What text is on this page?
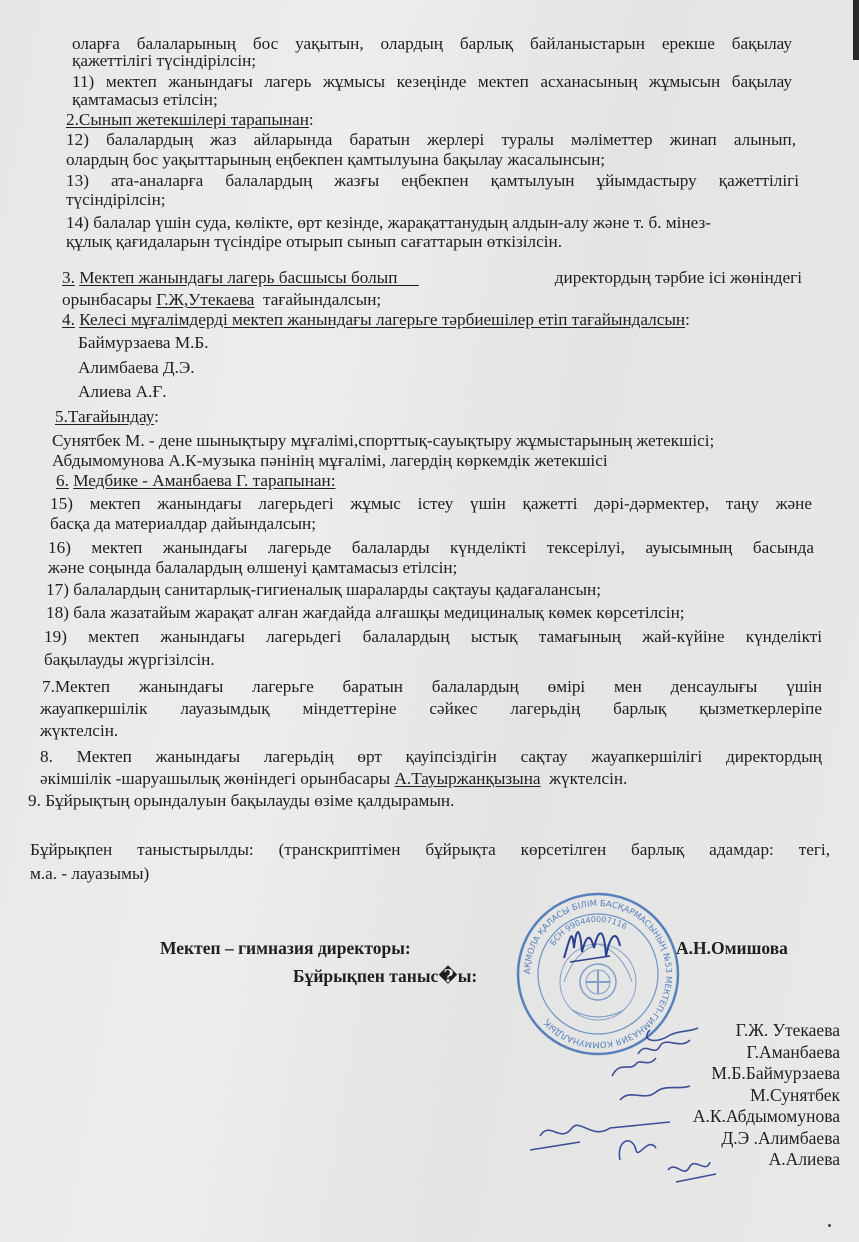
оларға балаларының бос уақытын, олардың барлық байланыстарын ерекше бақылау
қажеттілігі түсіндірілсін;
11) мектеп жанындағы лагерь жұмысы кезеңінде мектеп асханасының жұмысын бақылау
қамтамасыз етілсін;
2.Сынып жетекшілері тарапынан:
12) балалардың жаз айларында баратын жерлері туралы мәліметтер жинап алынып,
олардың бос уақыттарының еңбекпен қамтылуына бақылау жасалынсын;
13) ата-аналарға балалардың жазғы еңбекпен қамтылуын ұйымдастыру қажеттілігі
түсіндірілсін;
14) балалар үшін суда, көлікте, өрт кезінде, жарақаттанудың алдын-алу және т. б. мінез-
құлық қағидаларын түсіндіре отырып сынып сағаттарын өткізілсін.
3. Мектеп жанындағы лагерь басшысы болып	директордың тәрбие ісі жөніндегі
орынбасары Г.Ж,Утекаева тағайындалсын;
4. Келесі мұғалімдерді мектеп жанындағы лагерьге тәрбиешілер етіп тағайындалсын:
Баймурзаева М.Б.
Алимбаева Д.Э.
Алиева А.Ғ.
5.Тағайындау:
Сунятбек М. - дене шынықтыру мұғалімі,спорттық-сауықтыру жұмыстарының жетекшісі;
Абдымомунова А.К-музыка пәнінің мұғалімі, лагердің көркемдік жетекшісі
6. Медбике - Аманбаева Г. тарапынан:
15) мектеп жанындағы лагерьдегі жұмыс істеу үшін қажетті дәрі-дәрмектер, таңу және
басқа да материалдар дайындалсын;
16) мектеп жанындағы лагерьде балаларды күнделікті тексерілуі, ауысымның басында
және соңында балалардың өлшенуі қамтамасыз етілсін;
17) балалардың санитарлық-гигиеналық шараларды сақтауы қадағалансын;
18) бала жазатайым жарақат алған жағдайда алғашқы медициналық көмек көрсетілсін;
19) мектеп жанындағы лагерьдегі балалардың ыстық тамағының жай-күйіне күнделікті
бақылауды жүргізілсін.
7.Мектеп жанындағы лагерьге баратын балалардың өмірі мен денсаулығы үшін
жауапкершілік лауазымдық міндеттеріне сәйкес лагерьдің барлық қызметкерлеріпе
жүктелсін.
8. Мектеп жанындағы лагерьдің өрт қауіпсіздігін сақтау жауапкершілігі директордың
әкімшілік -шаруашылық жөніндегі орынбасары А.Тауыржанқызына жүктелсін.
9. Бұйрықтың орындалуын бақылауды өзіме қалдырамын.
Бұйрықпен таныстырылды: (транскриптімен бұйрықта көрсетілген барлық адамдар: тегі,
м.а. - лауазымы)
АҚМОЛА ҚАЛАСЫ БІЛІМ БАСҚАРМАСЫНЫҢ №53 МЕКТЕП-ГИМНАЗИЯ КОММУНАЛДЫҚ
БСН 990440007116
Мектеп – гимназия директоры:	А.Н.Омишова
Бұйрықпен таныс�ы:
Г.Ж. Утекаева
Г.Аманбаева
М.Б.Баймурзаева
М.Сунятбек
А.К.Абдымомунова
Д.Э .Алимбаева
А.Алиева
